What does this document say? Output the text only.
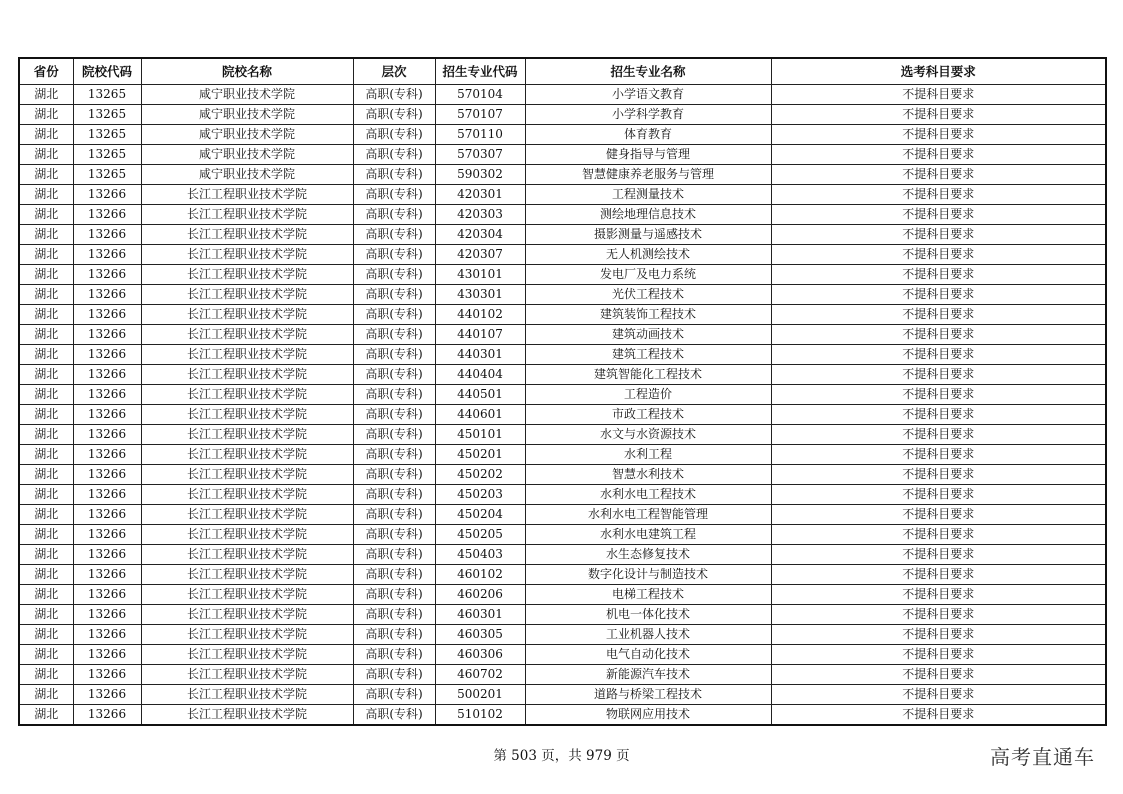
省份	院校代码	院校名称	层次	招生专业代码	招生专业名称	选考科目要求
湖北	13265	咸宁职业技术学院	高职(专科)	570104	小学语文教育	不提科目要求
湖北	13265	咸宁职业技术学院	高职(专科)	570107	小学科学教育	不提科目要求
湖北	13265	咸宁职业技术学院	高职(专科)	570110	体育教育	不提科目要求
湖北	13265	咸宁职业技术学院	高职(专科)	570307	健身指导与管理	不提科目要求
湖北	13265	咸宁职业技术学院	高职(专科)	590302	智慧健康养老服务与管理	不提科目要求
湖北	13266	长江工程职业技术学院	高职(专科)	420301	工程测量技术	不提科目要求
湖北	13266	长江工程职业技术学院	高职(专科)	420303	测绘地理信息技术	不提科目要求
湖北	13266	长江工程职业技术学院	高职(专科)	420304	摄影测量与遥感技术	不提科目要求
湖北	13266	长江工程职业技术学院	高职(专科)	420307	无人机测绘技术	不提科目要求
湖北	13266	长江工程职业技术学院	高职(专科)	430101	发电厂及电力系统	不提科目要求
湖北	13266	长江工程职业技术学院	高职(专科)	430301	光伏工程技术	不提科目要求
湖北	13266	长江工程职业技术学院	高职(专科)	440102	建筑装饰工程技术	不提科目要求
湖北	13266	长江工程职业技术学院	高职(专科)	440107	建筑动画技术	不提科目要求
湖北	13266	长江工程职业技术学院	高职(专科)	440301	建筑工程技术	不提科目要求
湖北	13266	长江工程职业技术学院	高职(专科)	440404	建筑智能化工程技术	不提科目要求
湖北	13266	长江工程职业技术学院	高职(专科)	440501	工程造价	不提科目要求
湖北	13266	长江工程职业技术学院	高职(专科)	440601	市政工程技术	不提科目要求
湖北	13266	长江工程职业技术学院	高职(专科)	450101	水文与水资源技术	不提科目要求
湖北	13266	长江工程职业技术学院	高职(专科)	450201	水利工程	不提科目要求
湖北	13266	长江工程职业技术学院	高职(专科)	450202	智慧水利技术	不提科目要求
湖北	13266	长江工程职业技术学院	高职(专科)	450203	水利水电工程技术	不提科目要求
湖北	13266	长江工程职业技术学院	高职(专科)	450204	水利水电工程智能管理	不提科目要求
湖北	13266	长江工程职业技术学院	高职(专科)	450205	水利水电建筑工程	不提科目要求
湖北	13266	长江工程职业技术学院	高职(专科)	450403	水生态修复技术	不提科目要求
湖北	13266	长江工程职业技术学院	高职(专科)	460102	数字化设计与制造技术	不提科目要求
湖北	13266	长江工程职业技术学院	高职(专科)	460206	电梯工程技术	不提科目要求
湖北	13266	长江工程职业技术学院	高职(专科)	460301	机电一体化技术	不提科目要求
湖北	13266	长江工程职业技术学院	高职(专科)	460305	工业机器人技术	不提科目要求
湖北	13266	长江工程职业技术学院	高职(专科)	460306	电气自动化技术	不提科目要求
湖北	13266	长江工程职业技术学院	高职(专科)	460702	新能源汽车技术	不提科目要求
湖北	13266	长江工程职业技术学院	高职(专科)	500201	道路与桥梁工程技术	不提科目要求
湖北	13266	长江工程职业技术学院	高职(专科)	510102	物联网应用技术	不提科目要求
第 503 页，共 979 页	高考直通车
